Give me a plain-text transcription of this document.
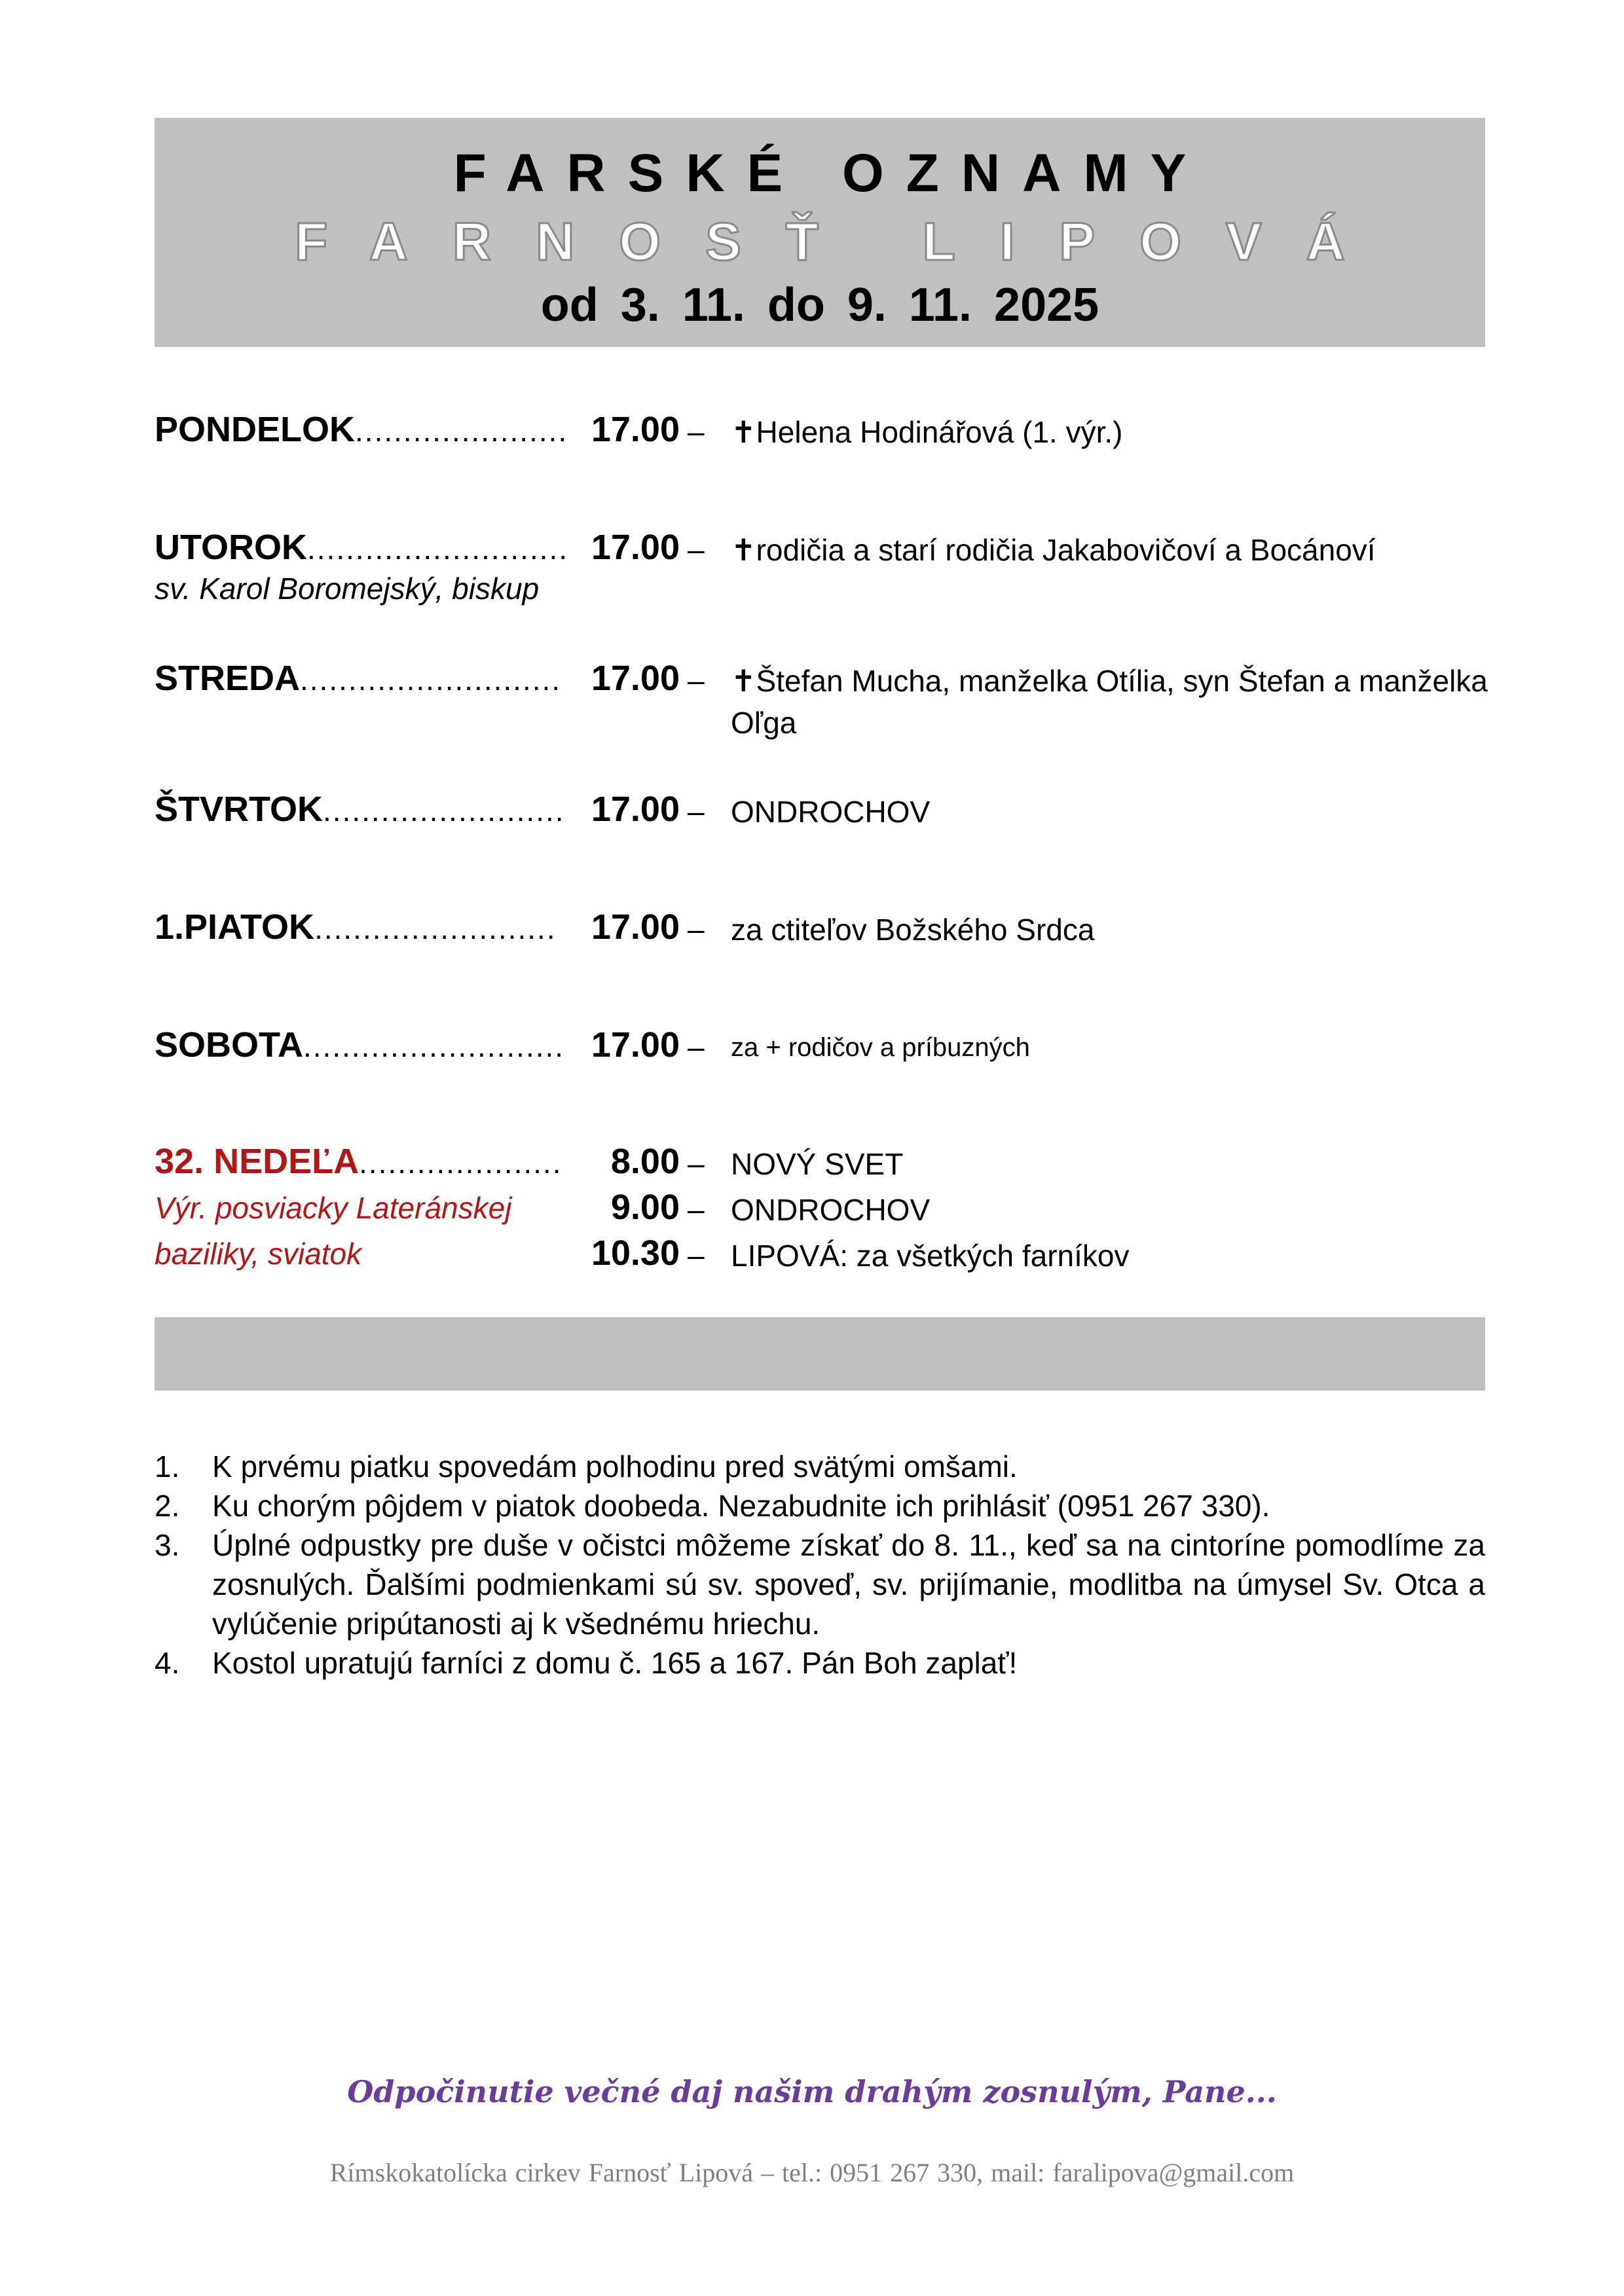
FARSKÉ OZNAMY
FARNOSŤ LIPOVÁ
od 3. 11. do 9. 11. 2025
PONDELOK...................... 17.00 – ✝Helena Hodinářová (1. výr.)
UTOROK........................... 17.00 – ✝rodičia a starí rodičia Jakabovičoví a Bocánoví
sv. Karol Boromejský, biskup
STREDA........................... 17.00 – ✝Štefan Mucha, manželka Otília, syn Štefan a manželka Oľga
ŠTVRTOK......................... 17.00 – ONDROCHOV
1.PIATOK......................... 17.00 – za ctiteľov Božského Srdca
SOBOTA........................... 17.00 – za + rodičov a príbuzných
32. NEDEĽA.....................
Výr. posviacky Lateránskej
baziliky, sviatok
8.00 – NOVÝ SVET
9.00 – ONDROCHOV
10.30 – LIPOVÁ: za všetkých farníkov
1. K prvému piatku spovedám polhodinu pred svätými omšami.
2. Ku chorým pôjdem v piatok doobeda. Nezabudnite ich prihlásiť (0951 267 330).
3. Úplné odpustky pre duše v očistci môžeme získať do 8. 11., keď sa na cintoríne pomodlíme za zosnulých. Ďalšími podmienkami sú sv. spoveď, sv. prijímanie, modlitba na úmysel Sv. Otca a vylúčenie pripútanosti aj k všednému hriechu.
4. Kostol upratujú farníci z domu č. 165 a 167. Pán Boh zaplať!
Odpočinutie večné daj našim drahým zosnulým, Pane...
Rímskokatolícka cirkev Farnosť Lipová – tel.: 0951 267 330, mail: faralipova@gmail.com
